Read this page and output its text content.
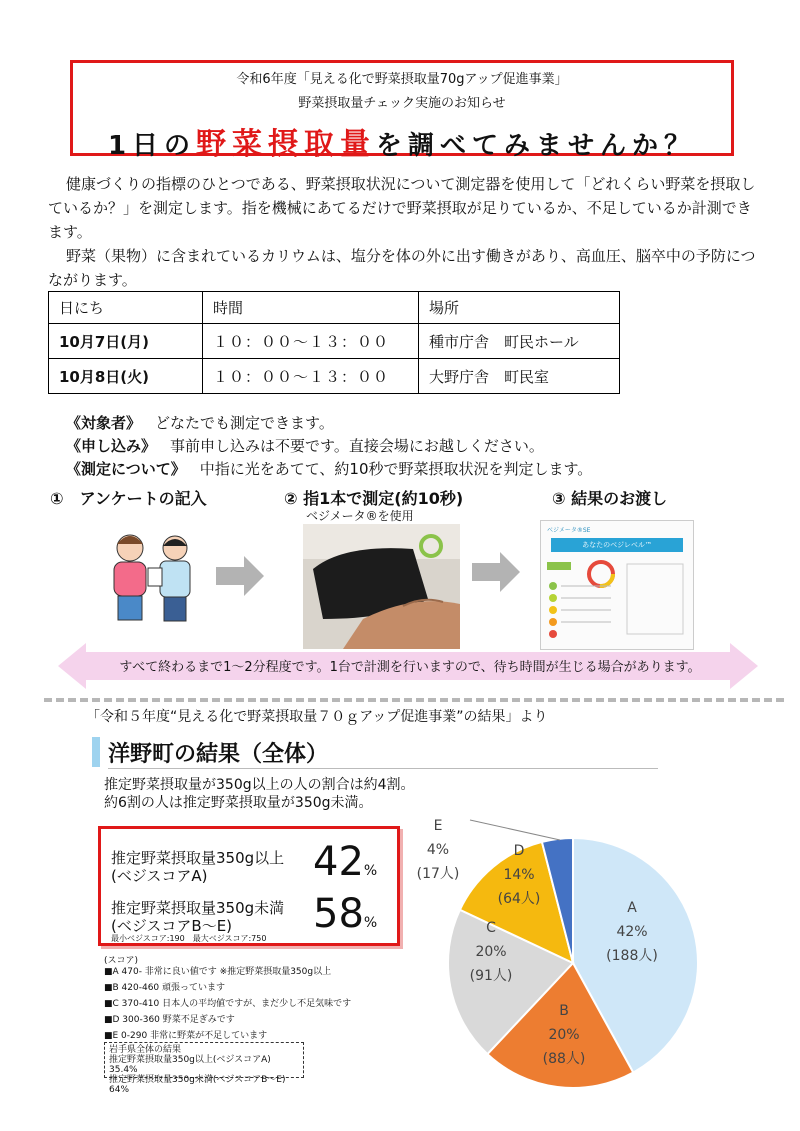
令和6年度「見える化で野菜摂取量70gアップ促進事業」
野菜摂取量チェック実施のお知らせ
1日の野菜摂取量を調べてみませんか？
健康づくりの指標のひとつである、野菜摂取状況について測定器を使用して「どれくらい野菜を摂取しているか？」を測定します。指を機械にあてるだけで野菜摂取が足りているか、不足しているか計測できます。
野菜（果物）に含まれているカリウムは、塩分を体の外に出す働きがあり、高血圧、脳卒中の予防につながります。
日にち	時間	場所
10月7日(月)	１０：００～１３：００	種市庁舎　町民ホール
10月8日(火)	１０：００～１３：００	大野庁舎　町民室
《対象者》 どなたでも測定できます。
《申し込み》 事前申し込みは不要です。直接会場にお越しください。
《測定について》 中指に光をあてて、約10秒で野菜摂取状況を判定します。
①　 アンケートの記入	② 指1本で測定(約10秒)	③ 結果のお渡し
ベジメータ®を使用
ベジメータ®SE
あなたのベジレベル™
すべて終わるまで1～2分程度です。1台で計測を行いますので、待ち時間が生じる場合があります。
「令和５年度“見える化で野菜摂取量７０ｇアップ促進事業”の結果」より
洋野町の結果（全体）
推定野菜摂取量が350g以上の人の割合は約4割。
約6割の人は推定野菜摂取量が350g未満。
推定野菜摂取量350g以上
(ベジスコアA)	42%
推定野菜摂取量350g未満
(ベジスコアB～E)	58%
最小ベジスコア:190　最大ベジスコア:750
(スコア)
■A 470- 非常に良い値です ※推定野菜摂取量350g以上
■B 420-460 頑張っています
■C 370-410 日本人の平均値ですが、まだ少し不足気味です
■D 300-360 野菜不足ぎみです
■E 0-290 非常に野菜が不足しています
岩手県全体の結果
推定野菜摂取量350g以上(ベジスコアA) 35.4%
推定野菜摂取量350g未満(ベジスコアB～E) 64%
A
42%
(188人)
B
20%
(88人)
C
20%
(91人)
D
14%
(64人)
E
4%
(17人)
